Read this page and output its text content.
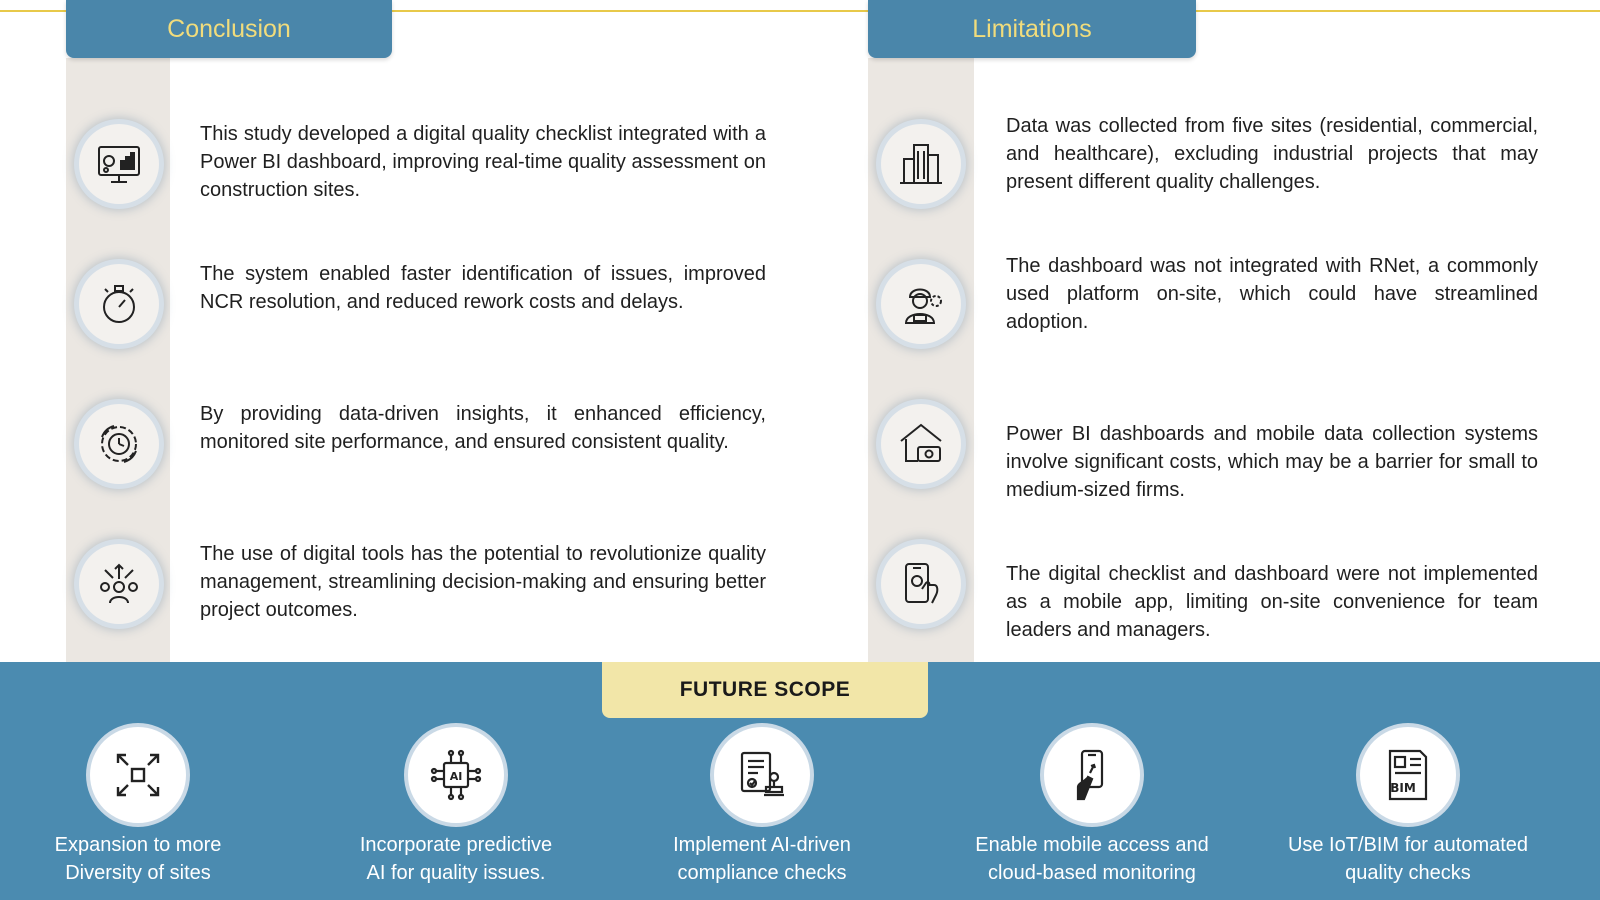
Conclusion
This study developed a digital quality checklist integrated with a Power BI dashboard, improving real-time quality assessment on construction sites.
The system enabled faster identification of issues, improved NCR resolution, and reduced rework costs and delays.
By providing data-driven insights, it enhanced efficiency, monitored site performance, and ensured consistent quality.
The use of digital tools has the potential to revolutionize quality management, streamlining decision-making and ensuring better project outcomes.
Limitations
Data was collected from five sites (residential, commercial, and healthcare), excluding industrial projects that may present different quality challenges.
The dashboard was not integrated with RNet, a commonly used platform on-site, which could have streamlined adoption.
Power BI dashboards and mobile data collection systems involve significant costs, which may be a barrier for small to medium-sized firms.
The digital checklist and dashboard were not implemented as a mobile app, limiting on-site convenience for team leaders and managers.
FUTURE SCOPE
Expansion to more
Diversity of sites
AI
Incorporate predictive
AI for quality issues.
Implement AI-driven
compliance checks
Enable mobile access and
cloud-based monitoring
BIM
Use IoT/BIM for automated
quality checks
